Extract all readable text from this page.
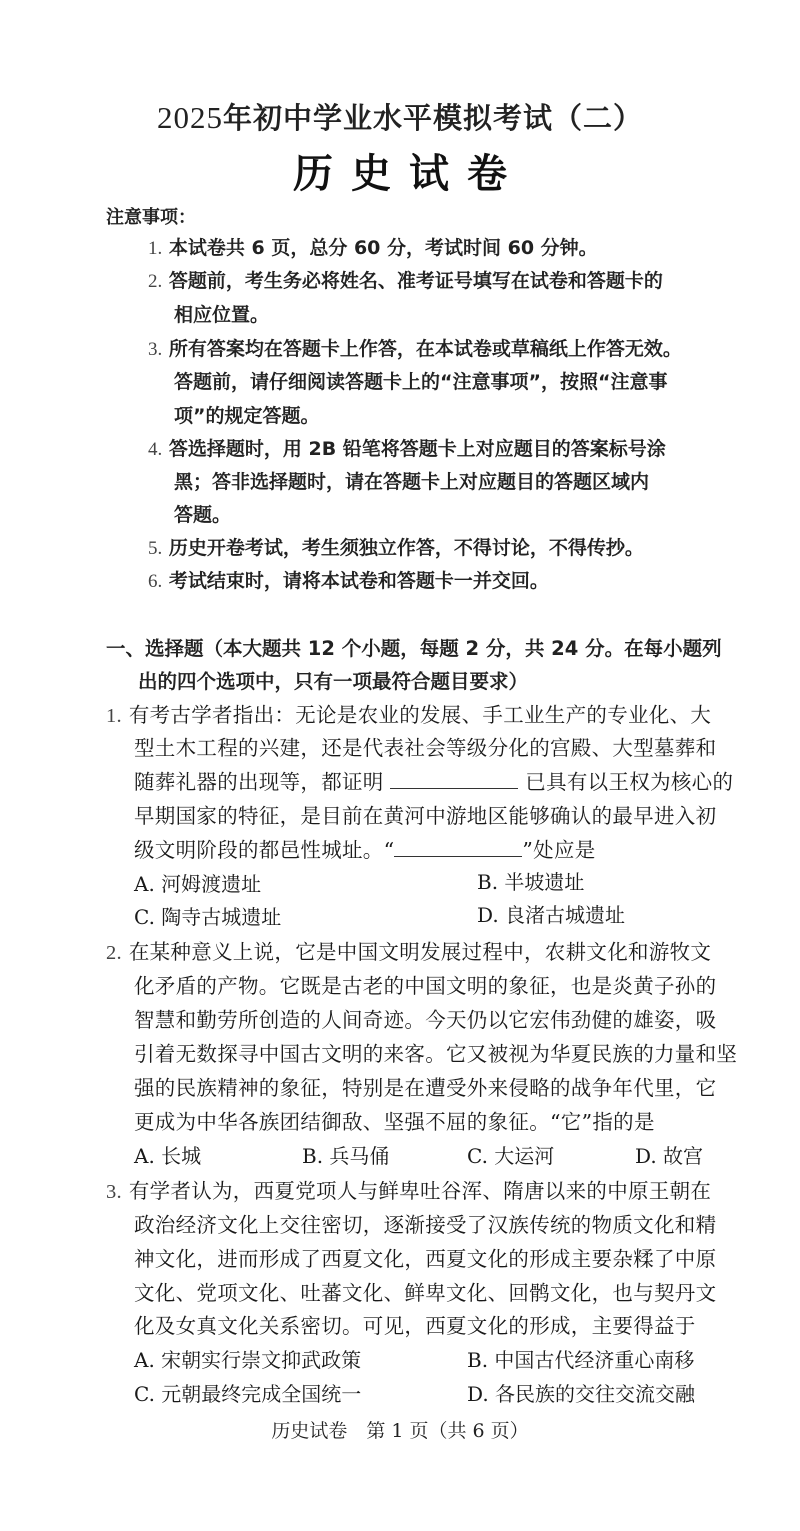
2025年初中学业水平模拟考试（二）
历史试卷
注意事项：
1. 本试卷共 6 页，总分 60 分，考试时间 60 分钟。
2. 答题前，考生务必将姓名、准考证号填写在试卷和答题卡的
相应位置。
3. 所有答案均在答题卡上作答，在本试卷或草稿纸上作答无效。
答题前，请仔细阅读答题卡上的“注意事项”，按照“注意事
项”的规定答题。
4. 答选择题时，用 2B 铅笔将答题卡上对应题目的答案标号涂
黑；答非选择题时，请在答题卡上对应题目的答题区域内
答题。
5. 历史开卷考试，考生须独立作答，不得讨论，不得传抄。
6. 考试结束时，请将本试卷和答题卡一并交回。
一、选择题（本大题共 12 个小题，每题 2 分，共 24 分。在每小题列
出的四个选项中，只有一项最符合题目要求）
1. 有考古学者指出：无论是农业的发展、手工业生产的专业化、大
型土木工程的兴建，还是代表社会等级分化的宫殿、大型墓葬和
随葬礼器的出现等，都证明	已具有以王权为核心的
早期国家的特征，是目前在黄河中游地区能够确认的最早进入初
级文明阶段的都邑性城址。“	”处应是
A. 河姆渡遗址	B. 半坡遗址
C. 陶寺古城遗址	D. 良渚古城遗址
2. 在某种意义上说，它是中国文明发展过程中，农耕文化和游牧文
化矛盾的产物。它既是古老的中国文明的象征，也是炎黄子孙的
智慧和勤劳所创造的人间奇迹。今天仍以它宏伟劲健的雄姿，吸
引着无数探寻中国古文明的来客。它又被视为华夏民族的力量和坚
强的民族精神的象征，特别是在遭受外来侵略的战争年代里，它
更成为中华各族团结御敌、坚强不屈的象征。“它”指的是
A. 长城	B. 兵马俑	C. 大运河	D. 故宫
3. 有学者认为，西夏党项人与鲜卑吐谷浑、隋唐以来的中原王朝在
政治经济文化上交往密切，逐渐接受了汉族传统的物质文化和精
神文化，进而形成了西夏文化，西夏文化的形成主要杂糅了中原
文化、党项文化、吐蕃文化、鲜卑文化、回鹘文化，也与契丹文
化及女真文化关系密切。可见，西夏文化的形成，主要得益于
A. 宋朝实行崇文抑武政策	B. 中国古代经济重心南移
C. 元朝最终完成全国统一	D. 各民族的交往交流交融
历史试卷　第 1 页（共 6 页）
